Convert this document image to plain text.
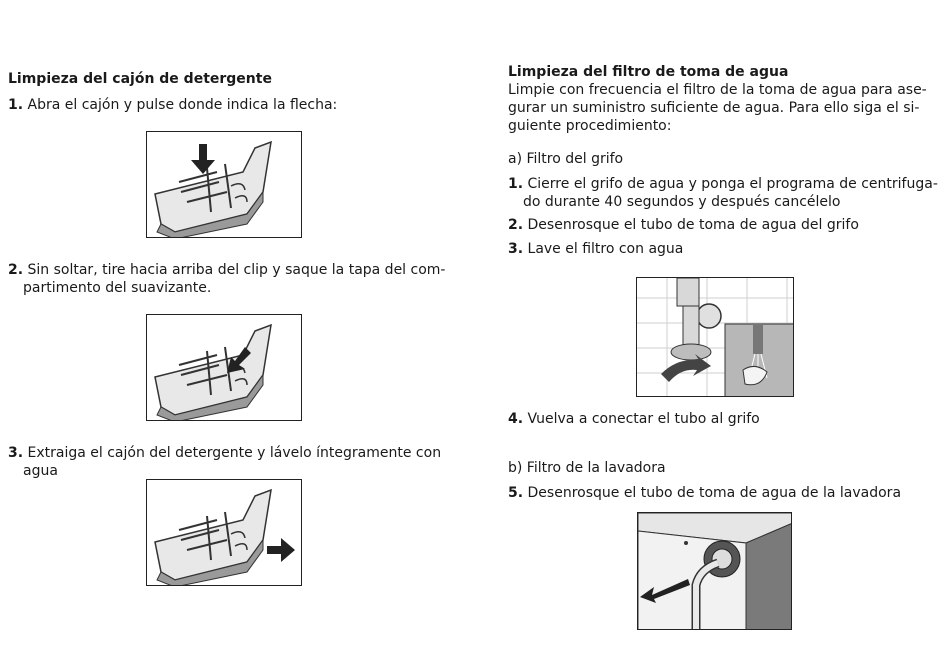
Limpieza del cajón de detergente
1. Abra el cajón y pulse donde indica la flecha:
2. Sin soltar, tire hacia arriba del clip y saque la tapa del com-
partimento del suavizante.
3. Extraiga el cajón del detergente y lávelo íntegramente con
agua
Limpieza del filtro de toma de agua
Limpie con frecuencia el filtro de la toma de agua para ase-
gurar un suministro suficiente de agua. Para ello siga el si-
guiente procedimiento:
a) Filtro del grifo
1. Cierre el grifo de agua y ponga el programa de centrifuga-
do durante 40 segundos y después cancélelo
2. Desenrosque el tubo de toma de agua del grifo
3. Lave el filtro con agua
4. Vuelva a conectar el tubo al grifo
b) Filtro de la lavadora
5. Desenrosque el tubo de toma de agua de la lavadora
